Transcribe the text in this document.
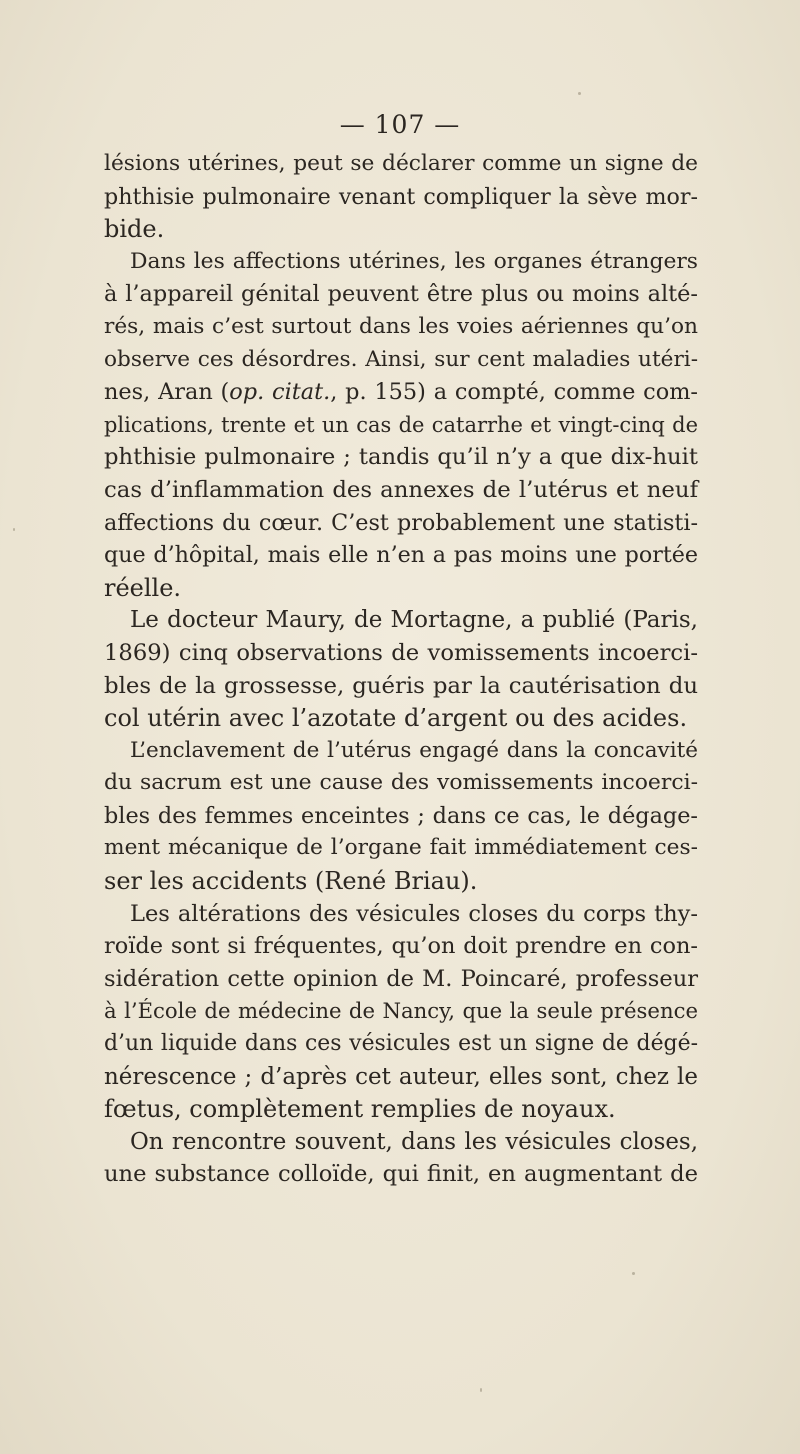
— 107 —
lésions utérines, peut se déclarer comme un signe de
phthisie pulmonaire venant compliquer la sève mor-
bide.
Dans les affections utérines, les organes étrangers
à l’appareil génital peuvent être plus ou moins alté-
rés, mais c’est surtout dans les voies aériennes qu’on
observe ces désordres. Ainsi, sur cent maladies utéri-
nes, Aran (op. citat., p. 155) a compté, comme com-
plications, trente et un cas de catarrhe et vingt-cinq de
phthisie pulmonaire ; tandis qu’il n’y a que dix-huit
cas d’inflammation des annexes de l’utérus et neuf
affections du cœur. C’est probablement une statisti-
que d’hôpital, mais elle n’en a pas moins une portée
réelle.
Le docteur Maury, de Mortagne, a publié (Paris,
1869) cinq observations de vomissements incoerci-
bles de la grossesse, guéris par la cautérisation du
col utérin avec l’azotate d’argent ou des acides.
L’enclavement de l’utérus engagé dans la concavité
du sacrum est une cause des vomissements incoerci-
bles des femmes enceintes ; dans ce cas, le dégage-
ment mécanique de l’organe fait immédiatement ces-
ser les accidents (René Briau).
Les altérations des vésicules closes du corps thy-
roïde sont si fréquentes, qu’on doit prendre en con-
sidération cette opinion de M. Poincaré, professeur
à l’École de médecine de Nancy, que la seule présence
d’un liquide dans ces vésicules est un signe de dégé-
nérescence ; d’après cet auteur, elles sont, chez le
fœtus, complètement remplies de noyaux.
On rencontre souvent, dans les vésicules closes,
une substance colloïde, qui finit, en augmentant de
